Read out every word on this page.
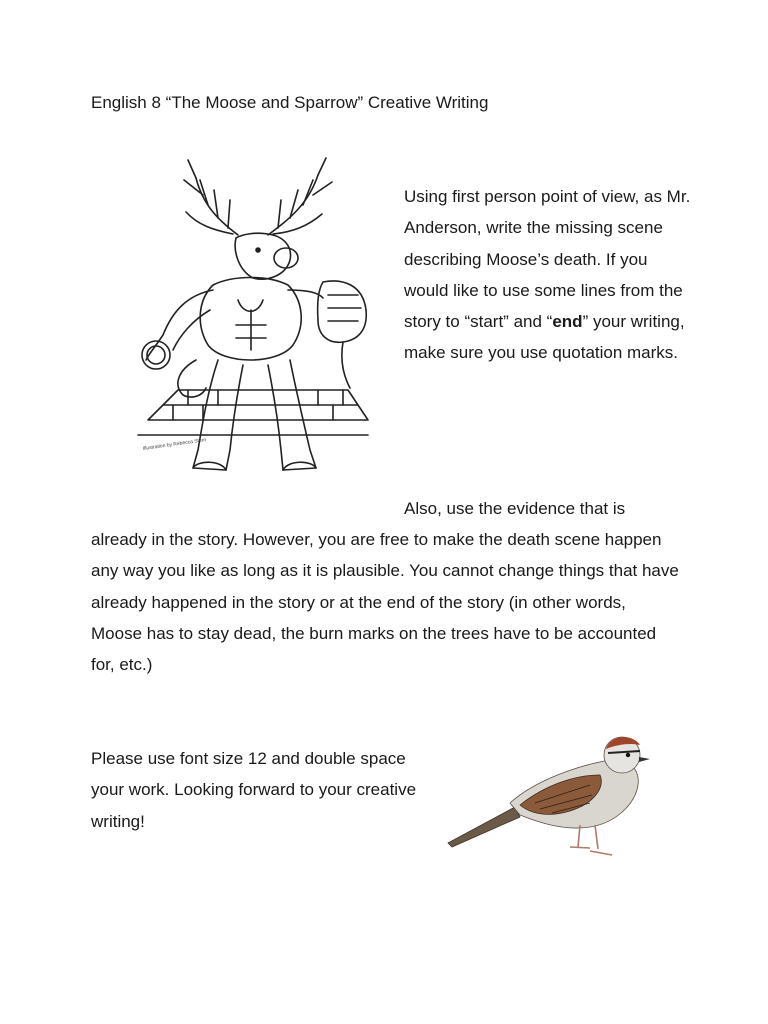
English 8 “The Moose and Sparrow” Creative Writing
Illustration by Rebecca Stern

Using first person point of view, as Mr. Anderson, write the missing scene describing Moose’s death. If you would like to use some lines from the story to “start” and “end” your writing, make sure you use quotation marks.

Also, use the evidence that is

already in the story. However, you are free to make the death scene happen any way you like as long as it is plausible. You cannot change things that have already happened in the story or at the end of the story (in other words, Moose has to stay dead, the burn marks on the trees have to be accounted for, etc.)

Please use font size 12 and double space your work. Looking forward to your creative writing!
